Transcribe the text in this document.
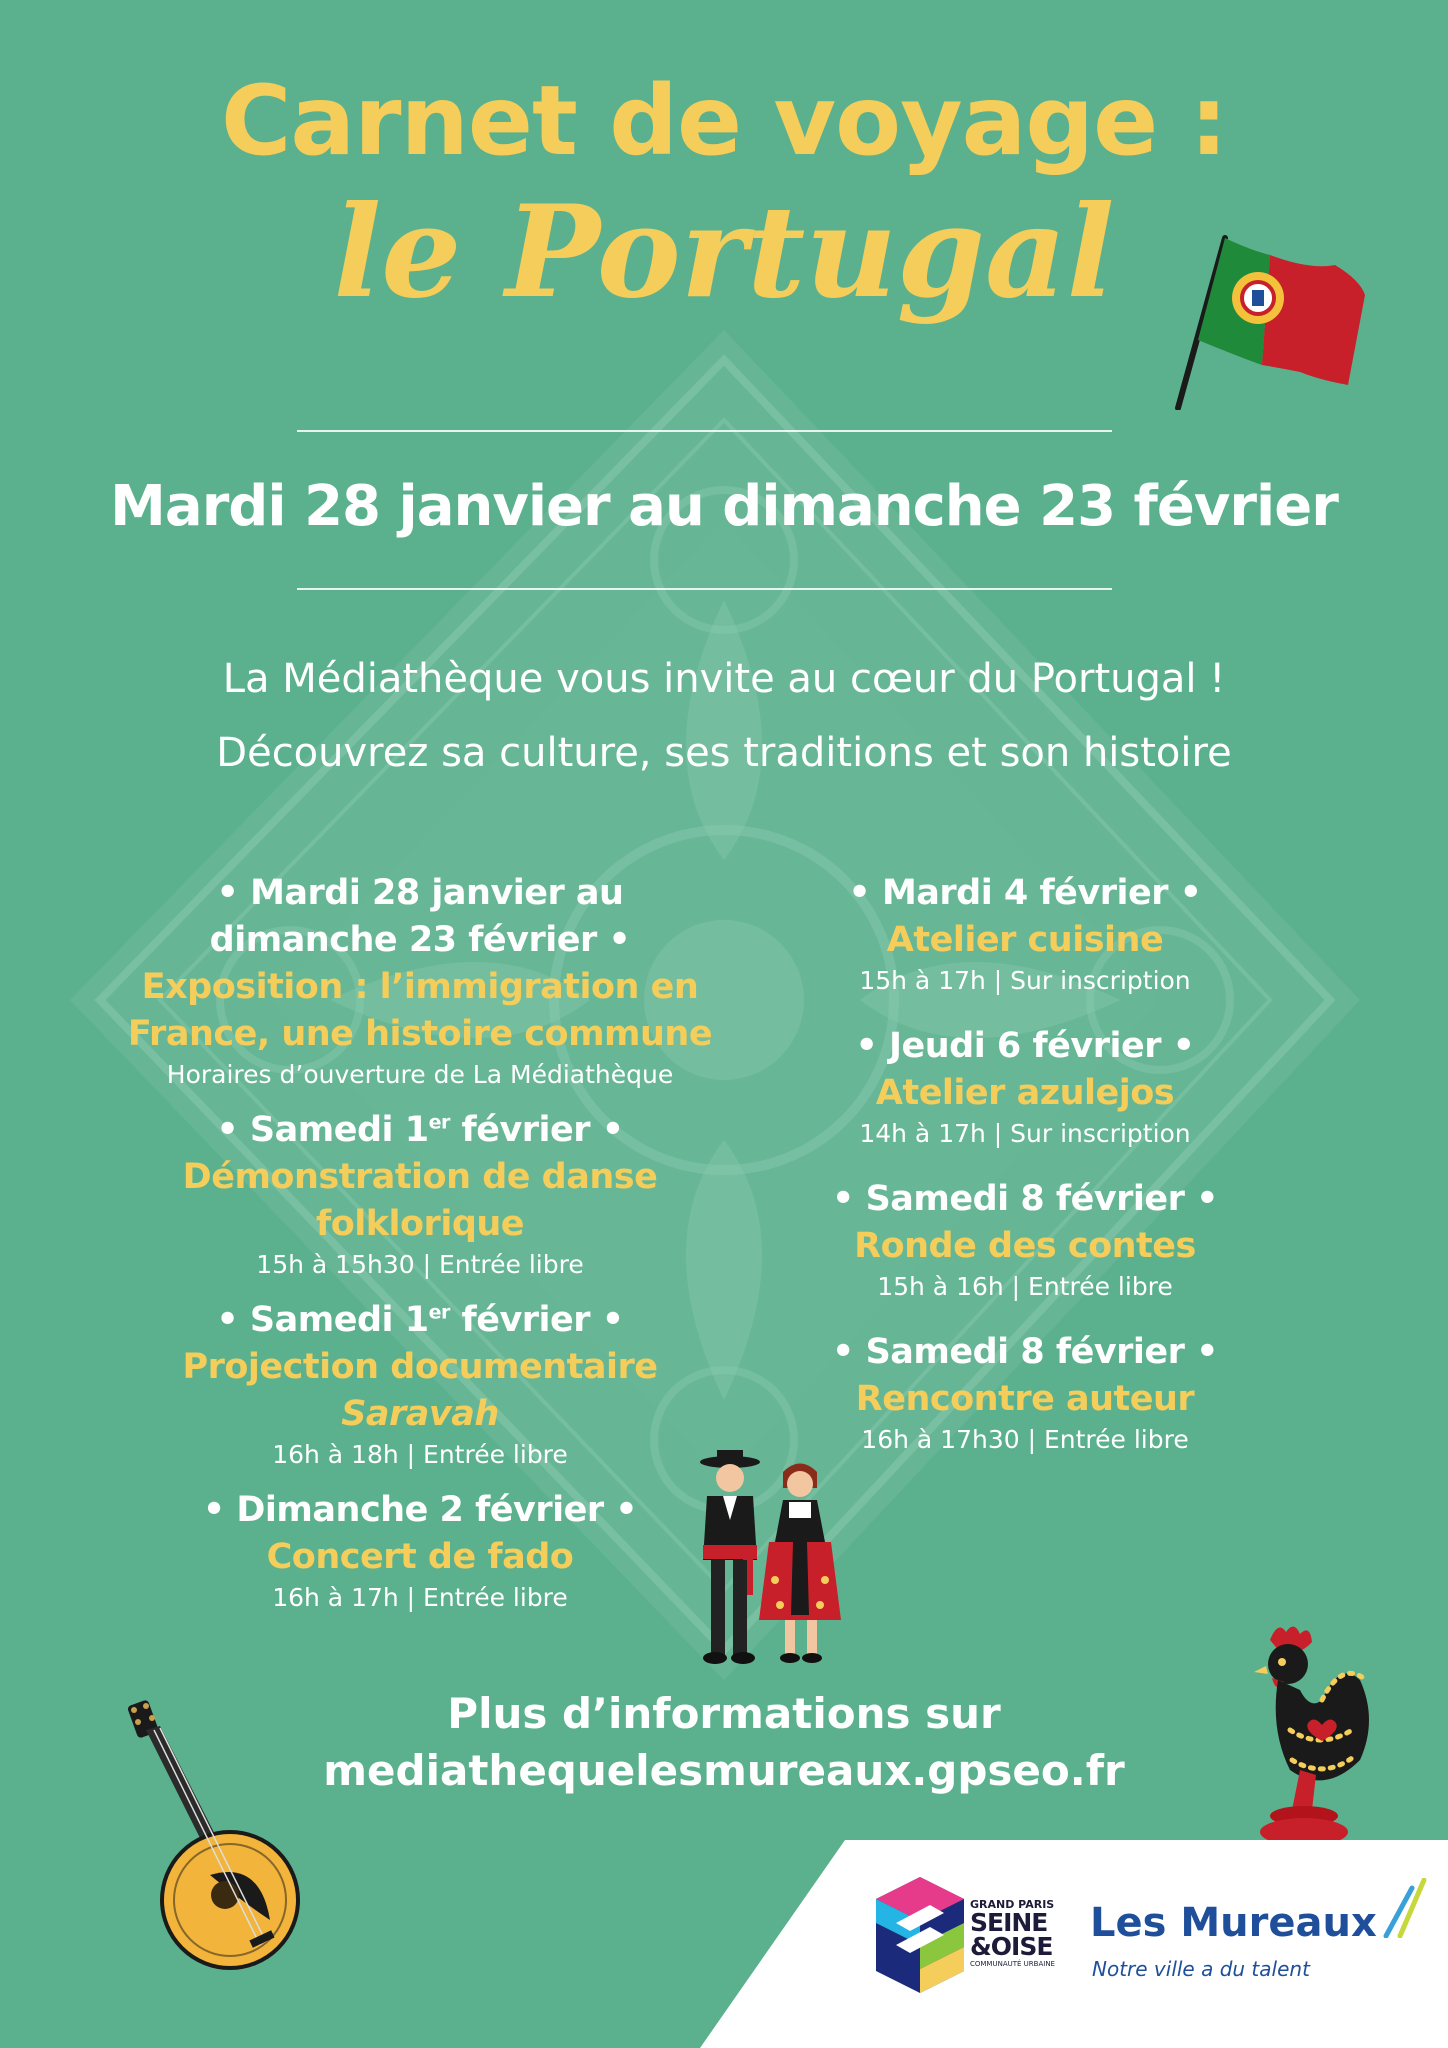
Carnet de voyage :
le Portugal
Mardi 28 janvier au dimanche 23 février
La Médiathèque vous invite au cœur du Portugal !
Découvrez sa culture, ses traditions et son histoire
• Mardi 28 janvier au
dimanche 23 février •
Exposition : l’immigration en
France, une histoire commune
Horaires d’ouverture de La Médiathèque
• Samedi 1er février •
Démonstration de danse
folklorique
15h à 15h30 | Entrée libre
• Samedi 1er février •
Projection documentaire
Saravah
16h à 18h | Entrée libre
• Dimanche 2 février •
Concert de fado
16h à 17h | Entrée libre
• Mardi 4 février •
Atelier cuisine
15h à 17h | Sur inscription
• Jeudi 6 février •
Atelier azulejos
14h à 17h | Sur inscription
• Samedi 8 février •
Ronde des contes
15h à 16h | Entrée libre
• Samedi 8 février •
Rencontre auteur
16h à 17h30 | Entrée libre
Plus d’informations sur
mediathequelesmureaux.gpseo.fr
GRAND PARIS
SEINE
&OISE
COMMUNAUTÉ URBAINE
Les Mureaux
Notre ville a du talent
